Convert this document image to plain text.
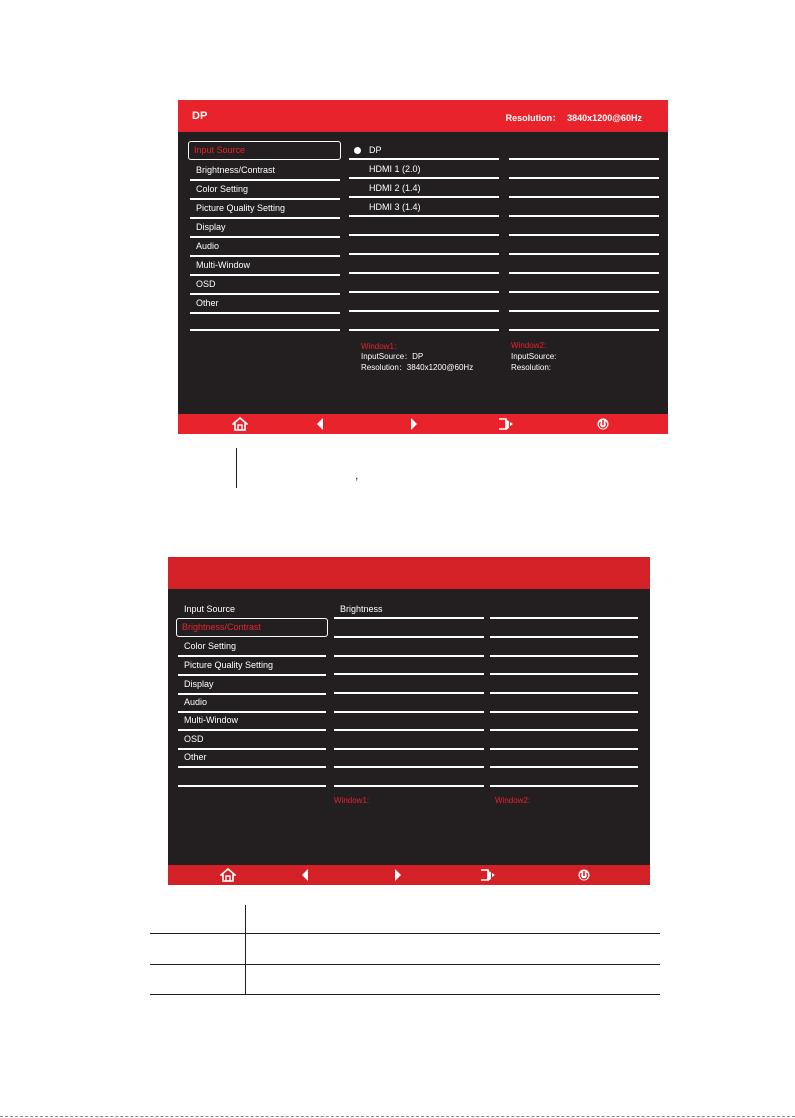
DP	Resolution： 3840x1200@60Hz
Input Source
Brightness/Contrast
Color Setting
Picture Quality Setting
Display
Audio
Multi-Window
OSD
Other
DP
HDMI 1 (2.0)
HDMI 2 (1.4)
HDMI 3 (1.4)
Window1：
InputSource：DP
Resolution：3840x1200@60Hz
Window2:
InputSource:
Resolution:
,
Input Source
Brightness/Contrast
Color Setting
Picture Quality Setting
Display
Audio
Multi-Window
OSD
Other
Brightness
Window1:	Window2:
